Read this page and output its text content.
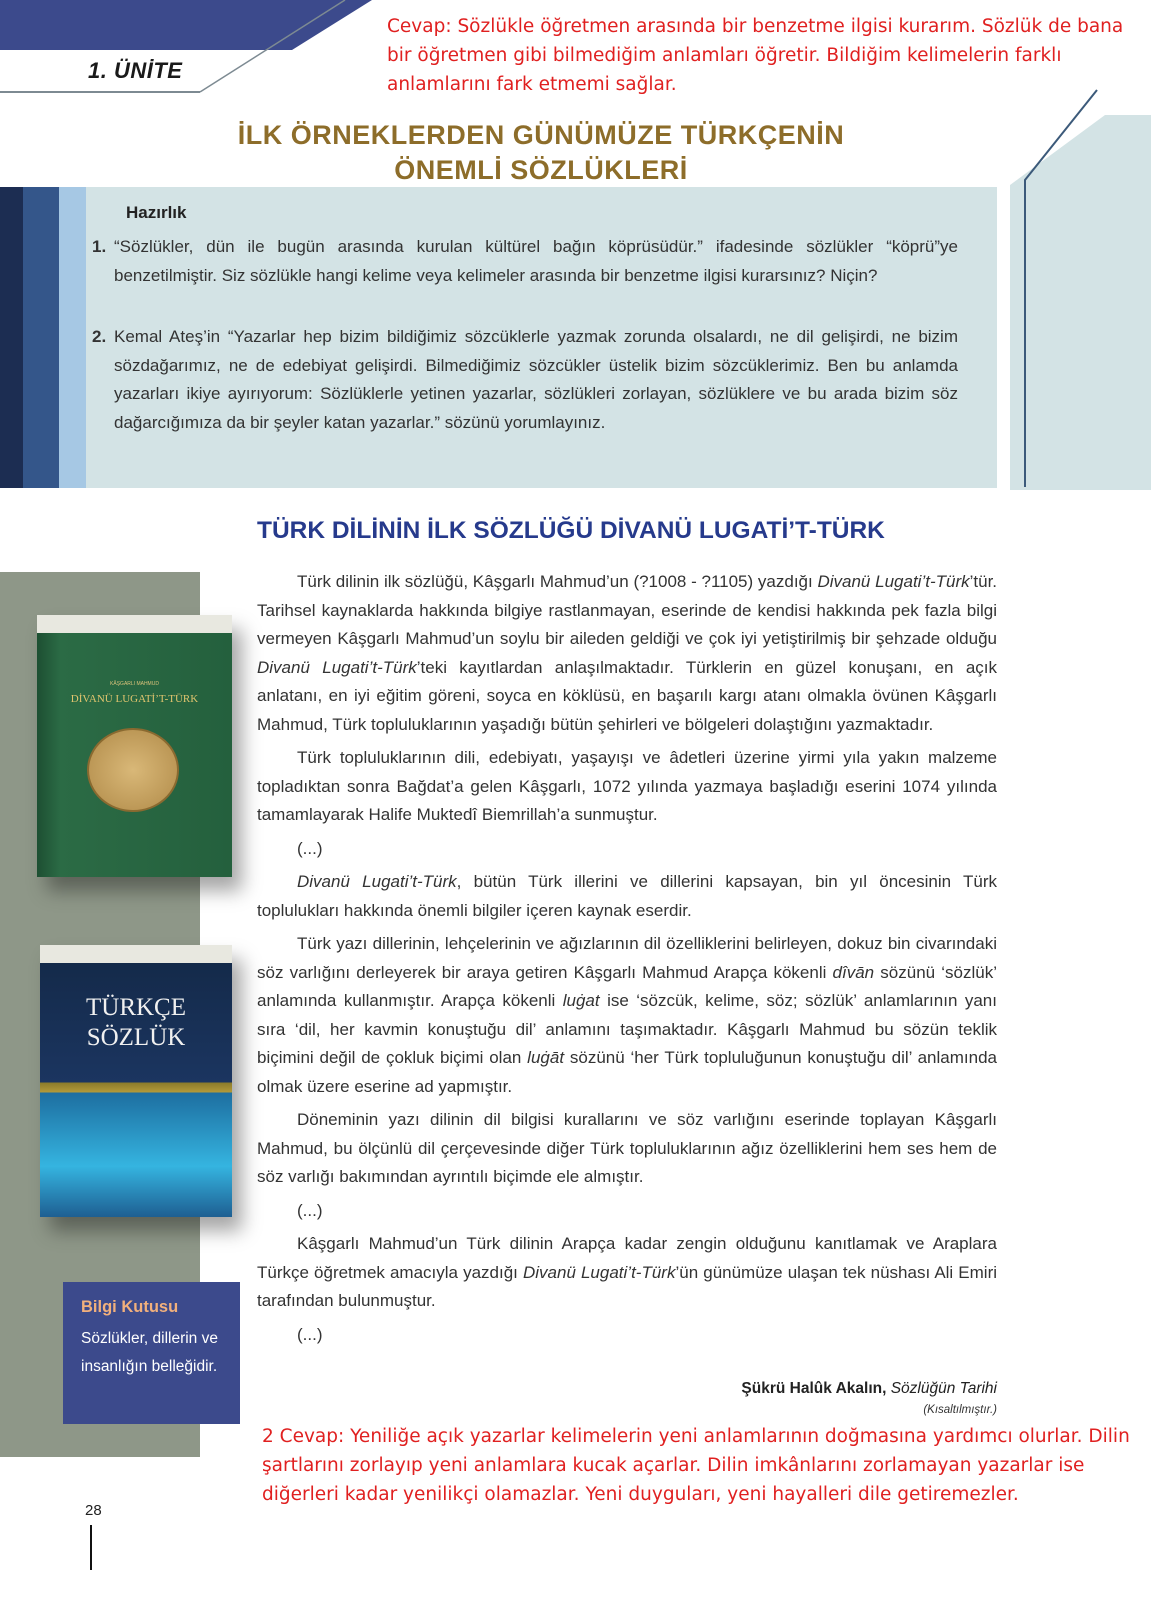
1. ÜNİTE
Cevap: Sözlükle öğretmen arasında bir benzetme ilgisi kurarım. Sözlük de bana bir öğretmen gibi bilmediğim anlamları öğretir. Bildiğim kelimelerin farklı anlamlarını fark etmemi sağlar.
İLK ÖRNEKLERDEN GÜNÜMÜZE TÜRKÇENİN
ÖNEMLİ SÖZLÜKLERİ
Hazırlık
1. “Sözlükler, dün ile bugün arasında kurulan kültürel bağın köprüsüdür.” ifadesinde sözlükler “köprü”ye benzetilmiştir. Siz sözlükle hangi kelime veya kelimeler arasında bir benzetme ilgisi kurarsınız? Niçin?
2. Kemal Ateş’in “Yazarlar hep bizim bildiğimiz sözcüklerle yazmak zorunda olsalardı, ne dil gelişirdi, ne bizim sözdağarımız, ne de edebiyat gelişirdi. Bilmediğimiz sözcükler üstelik bizim sözcüklerimiz. Ben bu anlamda yazarları ikiye ayırıyorum: Sözlüklerle yetinen yazarlar, sözlükleri zorlayan, sözlüklere ve bu arada bizim söz dağarcığımıza da bir şeyler katan yazarlar.” sözünü yorumlayınız.
TÜRK DİLİNİN İLK SÖZLÜĞÜ DİVANÜ LUGATİ’T-TÜRK
KÂŞGARLI MAHMUD
DİVANÜ LUGATİ’T-TÜRK
TÜRKÇE
SÖZLÜK

Türk dilinin ilk sözlüğü, Kâşgarlı Mahmud’un (?1008 - ?1105) yazdığı Divanü Lugati’t-Türk’tür. Tarihsel kaynaklarda hakkında bilgiye rastlanmayan, eserinde de kendisi hakkında pek fazla bilgi vermeyen Kâşgarlı Mahmud’un soylu bir aileden geldiği ve çok iyi yetiştirilmiş bir şehzade olduğu Divanü Lugati’t-Türk’teki kayıtlardan anlaşılmaktadır. Türklerin en güzel konuşanı, en açık anlatanı, en iyi eğitim göreni, soyca en köklüsü, en başarılı kargı atanı olmakla övünen Kâşgarlı Mahmud, Türk topluluklarının yaşadığı bütün şehirleri ve bölgeleri dolaştığını yazmaktadır.

Türk topluluklarının dili, edebiyatı, yaşayışı ve âdetleri üzerine yirmi yıla yakın malzeme topladıktan sonra Bağdat’a gelen Kâşgarlı, 1072 yılında yazmaya başladığı eserini 1074 yılında tamamlayarak Halife Muktedî Biemrillah’a sunmuştur.

(...)

Divanü Lugati’t-Türk, bütün Türk illerini ve dillerini kapsayan, bin yıl öncesinin Türk toplulukları hakkında önemli bilgiler içeren kaynak eserdir.

Türk yazı dillerinin, lehçelerinin ve ağızlarının dil özelliklerini belirleyen, dokuz bin civarındaki söz varlığını derleyerek bir araya getiren Kâşgarlı Mahmud Arapça kökenli dîvān sözünü ‘sözlük’ anlamında kullanmıştır. Arapça kökenli luġat ise ‘sözcük, kelime, söz; sözlük’ anlamlarının yanı sıra ‘dil, her kavmin konuştuğu dil’ anlamını taşımaktadır. Kâşgarlı Mahmud bu sözün teklik biçimini değil de çokluk biçimi olan luġāt sözünü ‘her Türk topluluğunun konuştuğu dil’ anlamında olmak üzere eserine ad yapmıştır.

Döneminin yazı dilinin dil bilgisi kurallarını ve söz varlığını eserinde toplayan Kâşgarlı Mahmud, bu ölçünlü dil çerçevesinde diğer Türk topluluklarının ağız özelliklerini hem ses hem de söz varlığı bakımından ayrıntılı biçimde ele almıştır.

(...)

Kâşgarlı Mahmud’un Türk dilinin Arapça kadar zengin olduğunu kanıtlamak ve Araplara Türkçe öğretmek amacıyla yazdığı Divanü Lugati’t-Türk’ün günümüze ulaşan tek nüshası Ali Emiri tarafından bulunmuştur.

(...)

Şükrü Halûk Akalın, Sözlüğün Tarihi
(Kısaltılmıştır.)
Bilgi Kutusu
Sözlükler, dillerin ve insanlığın belleğidir.
2 Cevap: Yeniliğe açık yazarlar kelimelerin yeni anlamlarının doğmasına yardımcı olurlar. Dilin şartlarını zorlayıp yeni anlamlara kucak açarlar. Dilin imkânlarını zorlamayan yazarlar ise diğerleri kadar yenilikçi olamazlar. Yeni duyguları, yeni hayalleri dile getiremezler.
28
